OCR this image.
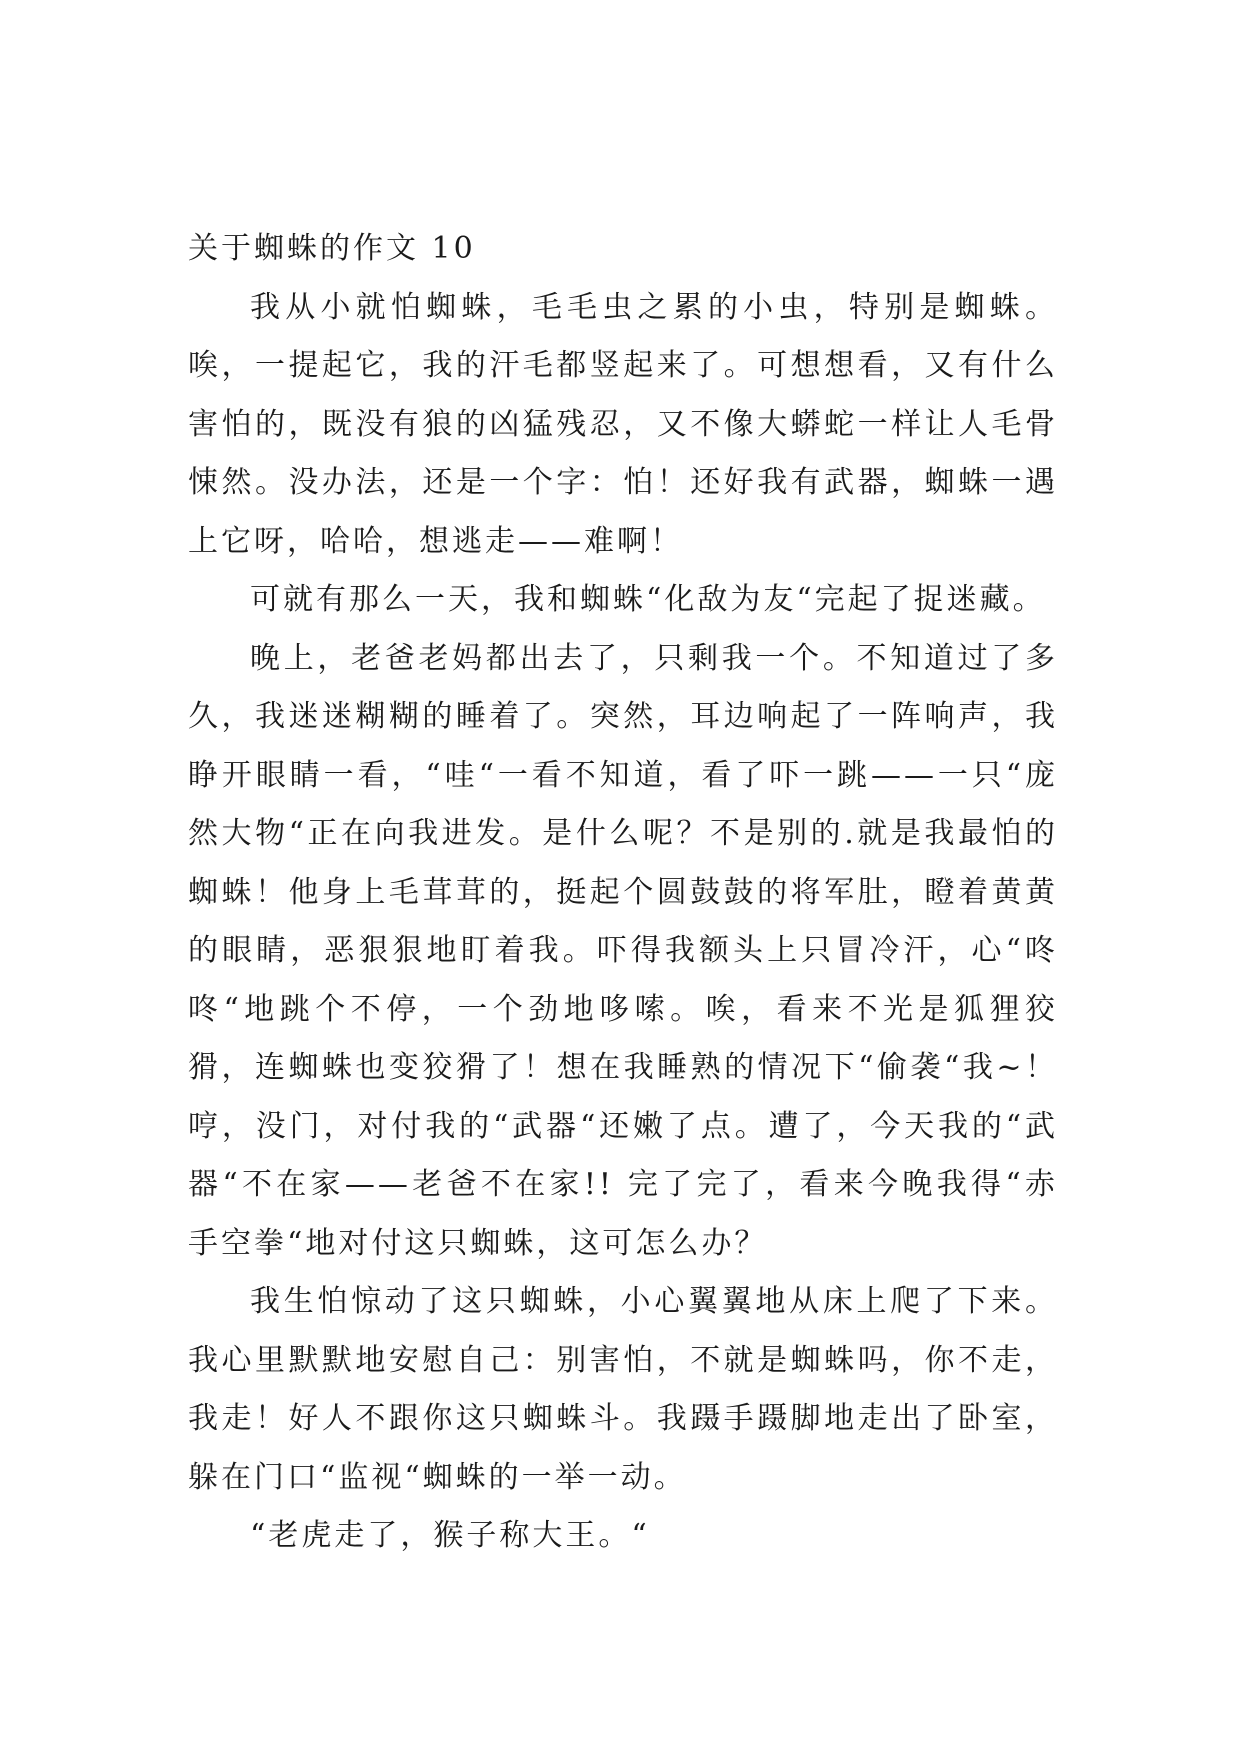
关于蜘蛛的作文 10

我从小就怕蜘蛛，毛毛虫之累的小虫，特别是蜘蛛。唉，一提起它，我的汗毛都竖起来了。可想想看，又有什么害怕的，既没有狼的凶猛残忍，又不像大蟒蛇一样让人毛骨悚然。没办法，还是一个字：怕！还好我有武器，蜘蛛一遇上它呀，哈哈，想逃走——难啊！

可就有那么一天，我和蜘蛛“化敌为友“完起了捉迷藏。

晚上，老爸老妈都出去了，只剩我一个。不知道过了多久，我迷迷糊糊的睡着了。突然，耳边响起了一阵响声，我睁开眼睛一看，“哇“一看不知道，看了吓一跳——一只“庞然大物“正在向我进发。是什么呢？不是别的.就是我最怕的蜘蛛！他身上毛茸茸的，挺起个圆鼓鼓的将军肚，瞪着黄黄的眼睛，恶狠狠地盯着我。吓得我额头上只冒冷汗，心“咚咚“地跳个不停，一个劲地哆嗦。唉，看来不光是狐狸狡猾，连蜘蛛也变狡猾了！想在我睡熟的情况下“偷袭“我~！哼，没门，对付我的“武器“还嫩了点。遭了，今天我的“武器“不在家——老爸不在家!! 完了完了，看来今晚我得“赤手空拳“地对付这只蜘蛛，这可怎么办？

我生怕惊动了这只蜘蛛，小心翼翼地从床上爬了下来。我心里默默地安慰自己：别害怕，不就是蜘蛛吗，你不走，我走！好人不跟你这只蜘蛛斗。我蹑手蹑脚地走出了卧室，躲在门口“监视“蜘蛛的一举一动。

“老虎走了，猴子称大王。“
